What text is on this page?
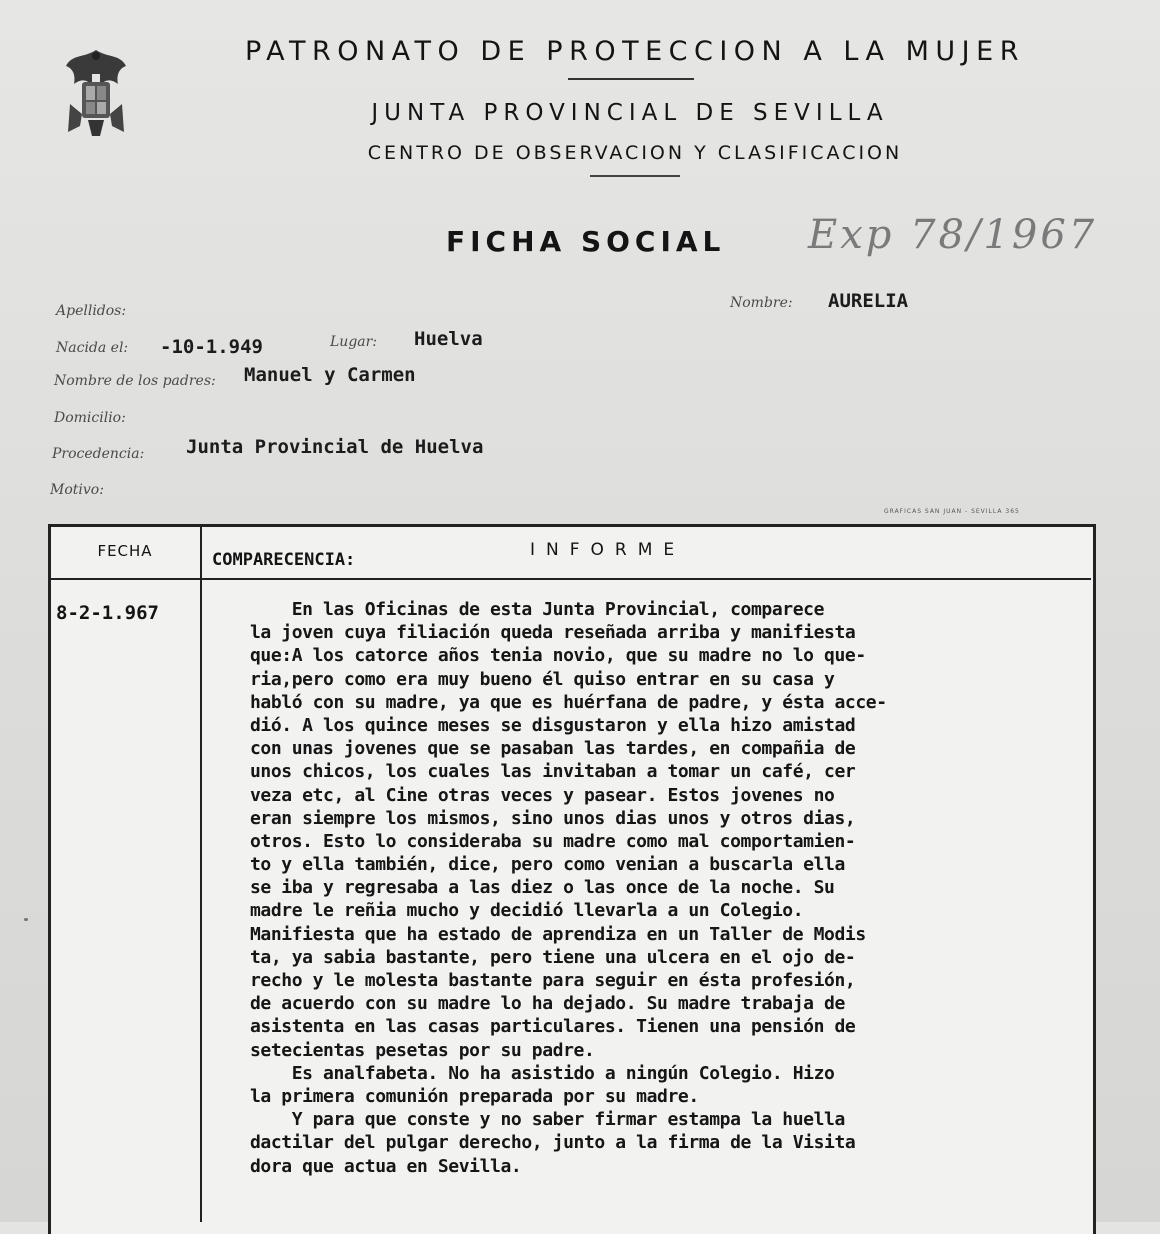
PATRONATO DE PROTECCION A LA MUJER
JUNTA PROVINCIAL DE SEVILLA
CENTRO DE OBSERVACION Y CLASIFICACION
FICHA SOCIAL Exp 78/1967
Apellidos:	Nombre: AURELIA
Nacida el: -10-1.949	Lugar: Huelva
Nombre de los padres: Manuel y Carmen
Domicilio:
Procedencia: Junta Provincial de Huelva
Motivo:
GRAFICAS SAN JUAN - SEVILLA 365
FECHA	INFORME
COMPARECENCIA:
8-2-1.967	En las Oficinas de esta Junta Provincial, comparece
la joven cuya filiación queda reseñada arriba y manifiesta
que:A los catorce años tenia novio, que su madre no lo que-
ria,pero como era muy bueno él quiso entrar en su casa y
habló con su madre, ya que es huérfana de padre, y ésta acce-
dió. A los quince meses se disgustaron y ella hizo amistad
con unas jovenes que se pasaban las tardes, en compañia de
unos chicos, los cuales las invitaban a tomar un café, cer
veza etc, al Cine otras veces y pasear. Estos jovenes no
eran siempre los mismos, sino unos dias unos y otros dias,
otros. Esto lo consideraba su madre como mal comportamien-
to y ella también, dice, pero como venian a buscarla ella
se iba y regresaba a las diez o las once de la noche. Su
madre le reñia mucho y decidió llevarla a un Colegio.
Manifiesta que ha estado de aprendiza en un Taller de Modis
ta, ya sabia bastante, pero tiene una ulcera en el ojo de-
recho y le molesta bastante para seguir en ésta profesión,
de acuerdo con su madre lo ha dejado. Su madre trabaja de
asistenta en las casas particulares. Tienen una pensión de
setecientas pesetas por su padre.
Es analfabeta. No ha asistido a ningún Colegio. Hizo
la primera comunión preparada por su madre.
Y para que conste y no saber firmar estampa la huella
dactilar del pulgar derecho, junto a la firma de la Visita
dora que actua en Sevilla.
